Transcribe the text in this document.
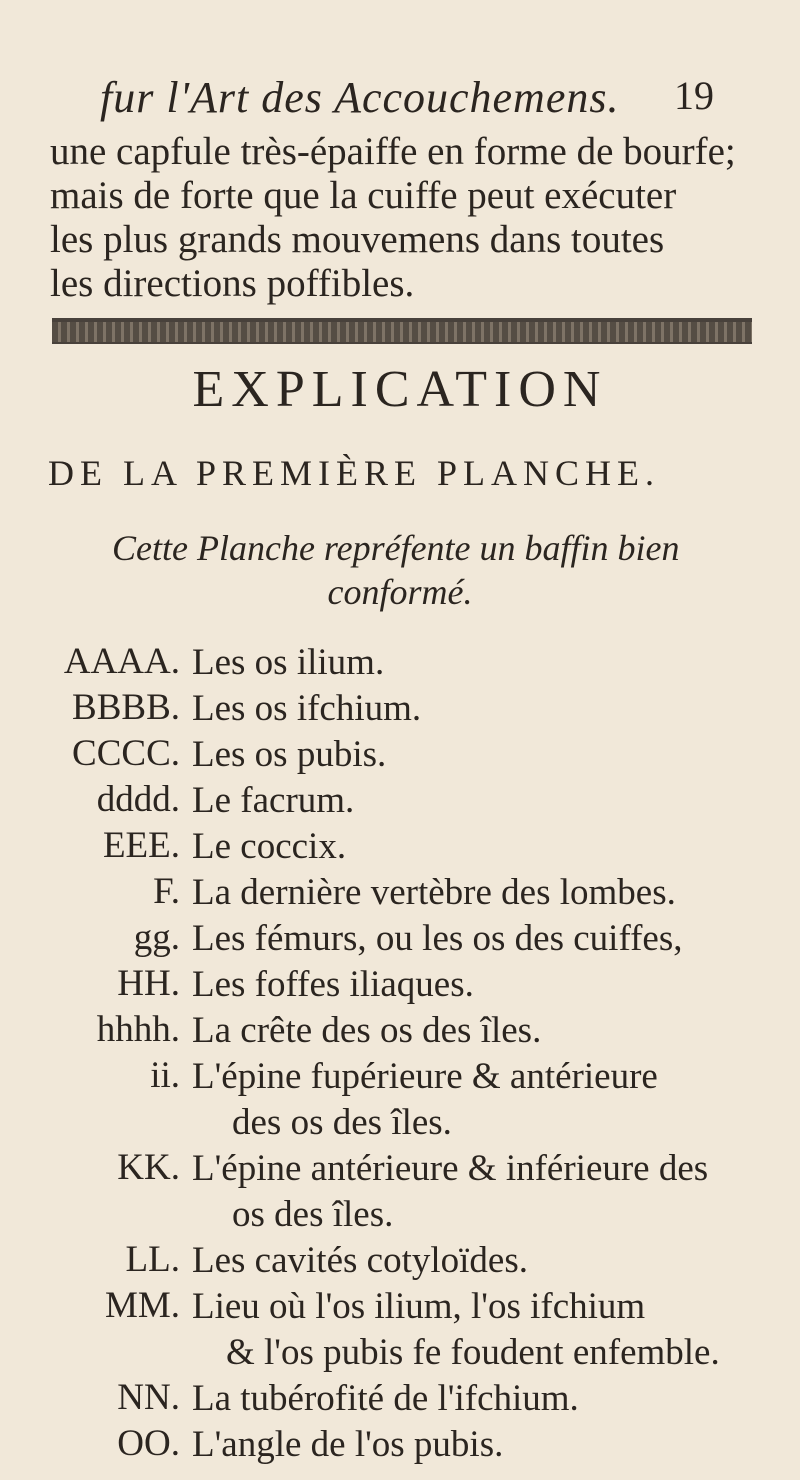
fur l'Art des Accouchemens.	19
une capfule très-épaiffe en forme de bourfe;
mais de forte que la cuiffe peut exécuter
les plus grands mouvemens dans toutes
les directions poffibles.
EXPLICATION
DE LA PREMIÈRE PLANCHE.
Cette Planche repréfente un baffin bien
conformé.
AAAA. Les os ilium.
BBBB. Les os ifchium.
CCCC. Les os pubis.
dddd. Le facrum.
EEE. Le coccix.
F. La dernière vertèbre des lombes.
gg. Les fémurs, ou les os des cuiffes,
HH. Les foffes iliaques.
hhhh. La crête des os des îles.
ii. L'épine fupérieure & antérieure
des os des îles.
KK. L'épine antérieure & inférieure des
os des îles.
LL. Les cavités cotyloïdes.
MM. Lieu où l'os ilium, l'os ifchium
& l'os pubis fe foudent enfemble.
NN. La tubérofité de l'ifchium.
OO. L'angle de l'os pubis.
